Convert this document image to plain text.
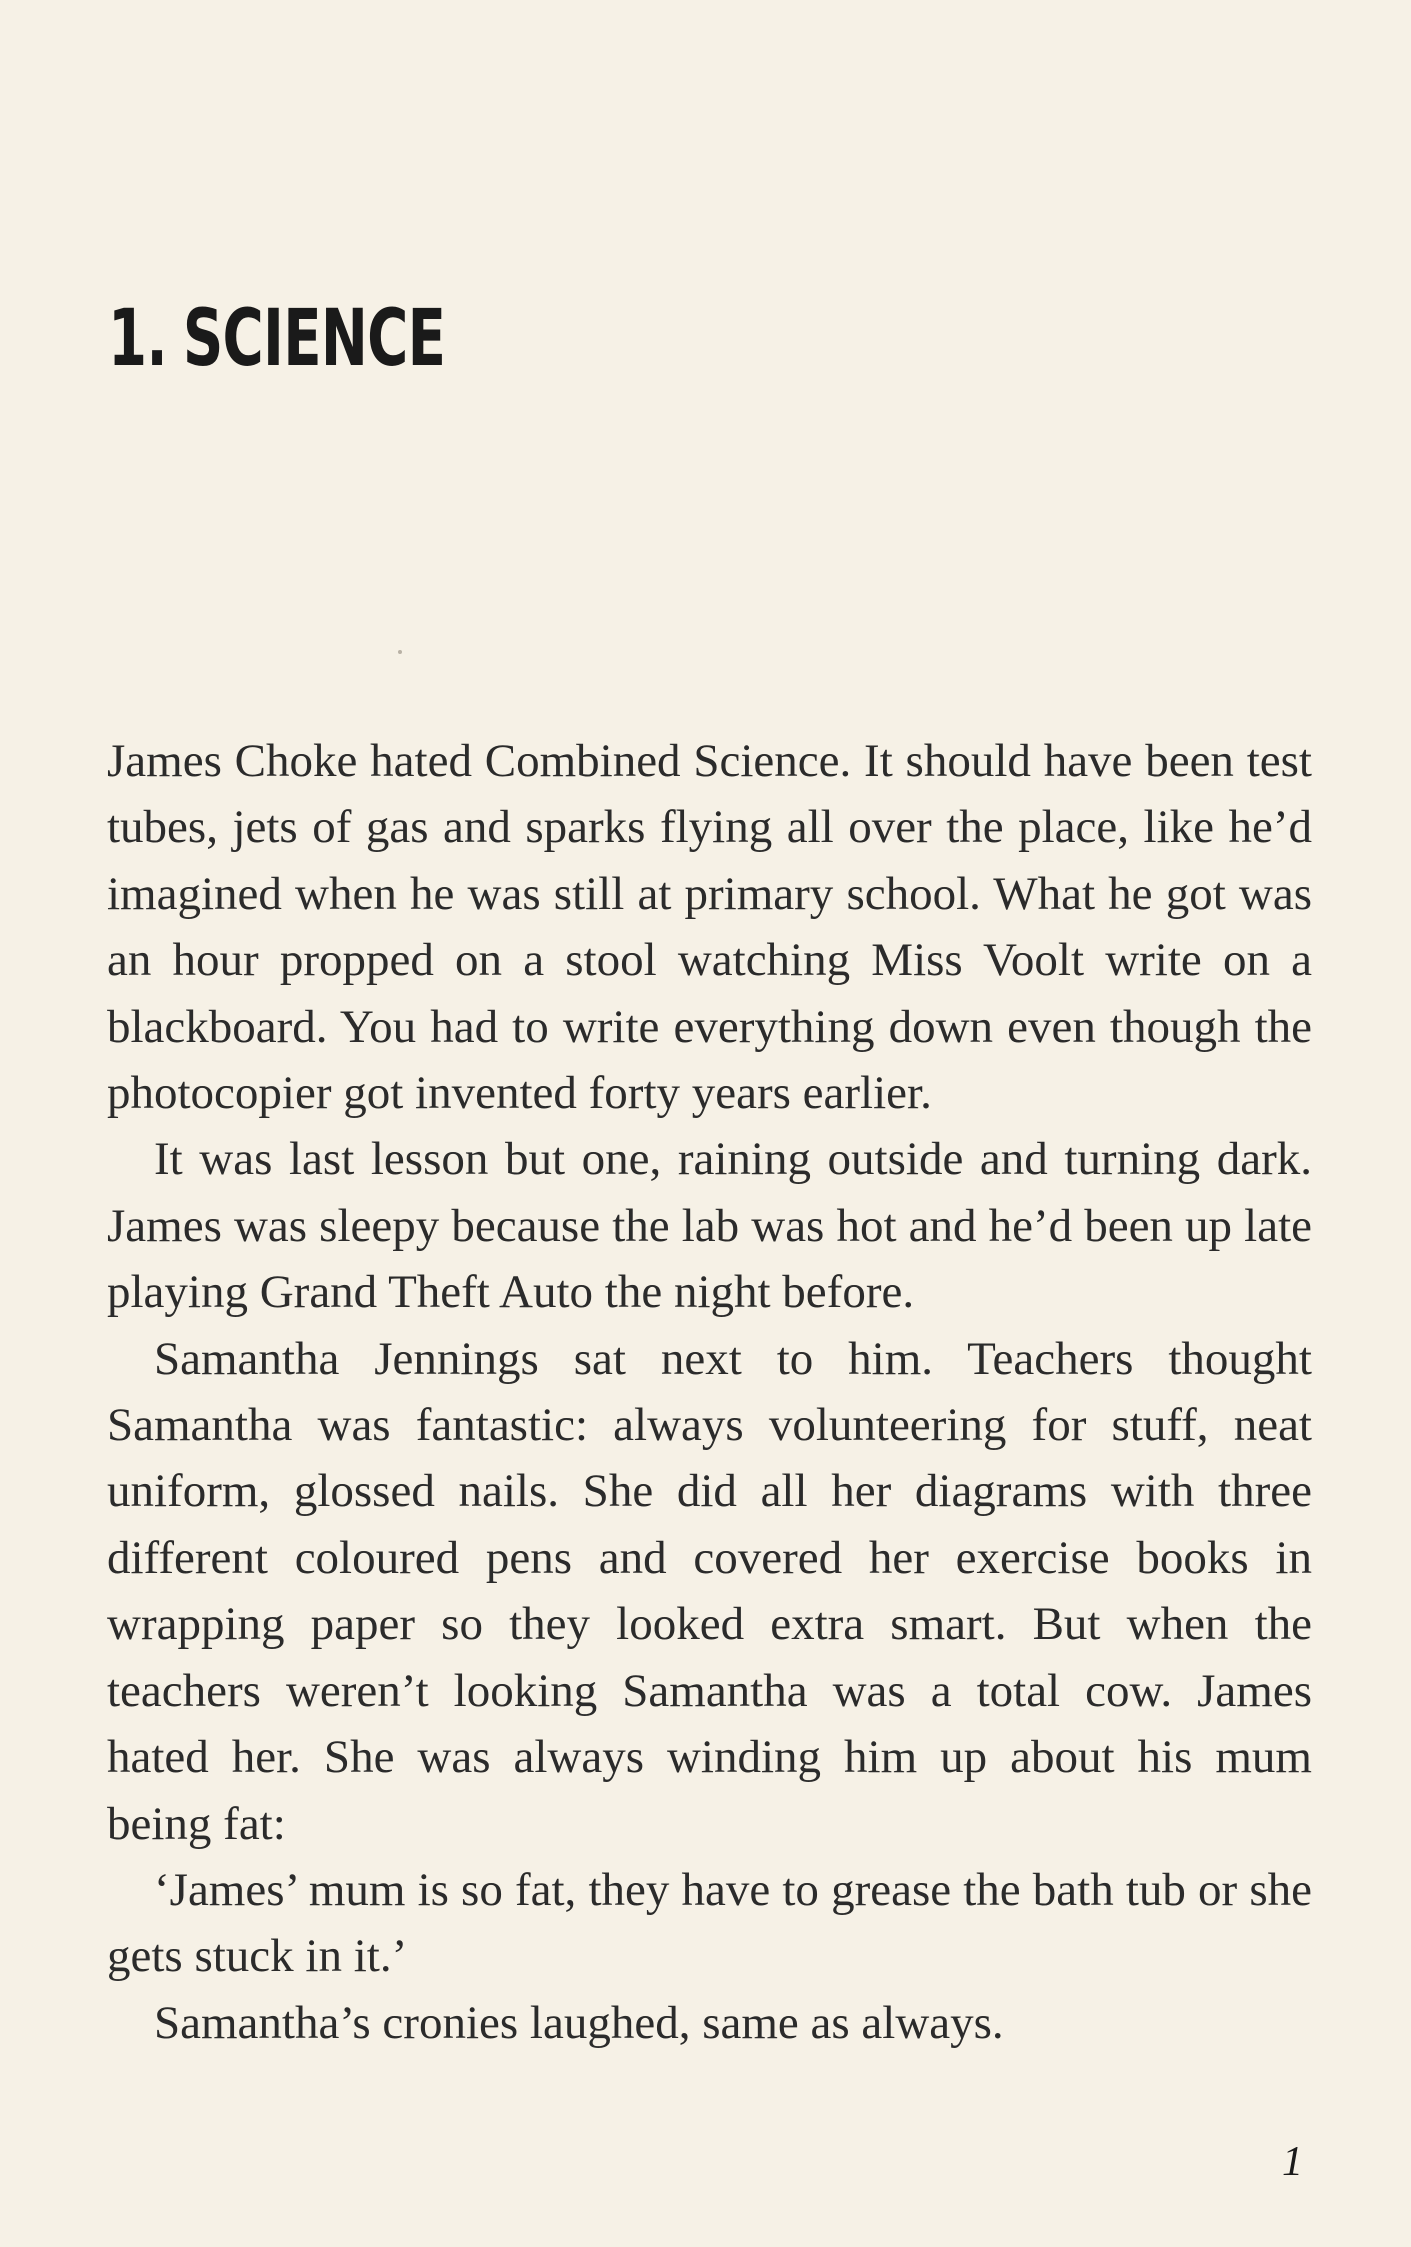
1. SCIENCE

James Choke hated Combined Science. It should have been test tubes, jets of gas and sparks flying all over the place, like he’d imagined when he was still at primary school. What he got was an hour propped on a stool watching Miss Voolt write on a blackboard. You had to write everything down even though the photocopier got invented forty years earlier.

It was last lesson but one, raining outside and turning dark. James was sleepy because the lab was hot and he’d been up late playing Grand Theft Auto the night before.

Samantha Jennings sat next to him. Teachers thought Samantha was fantastic: always volunteering for stuff, neat uniform, glossed nails. She did all her diagrams with three different coloured pens and covered her exercise books in wrapping paper so they looked extra smart. But when the teachers weren’t looking Samantha was a total cow. James hated her. She was always winding him up about his mum being fat:

‘James’ mum is so fat, they have to grease the bath tub or she gets stuck in it.’

Samantha’s cronies laughed, same as always.

1
